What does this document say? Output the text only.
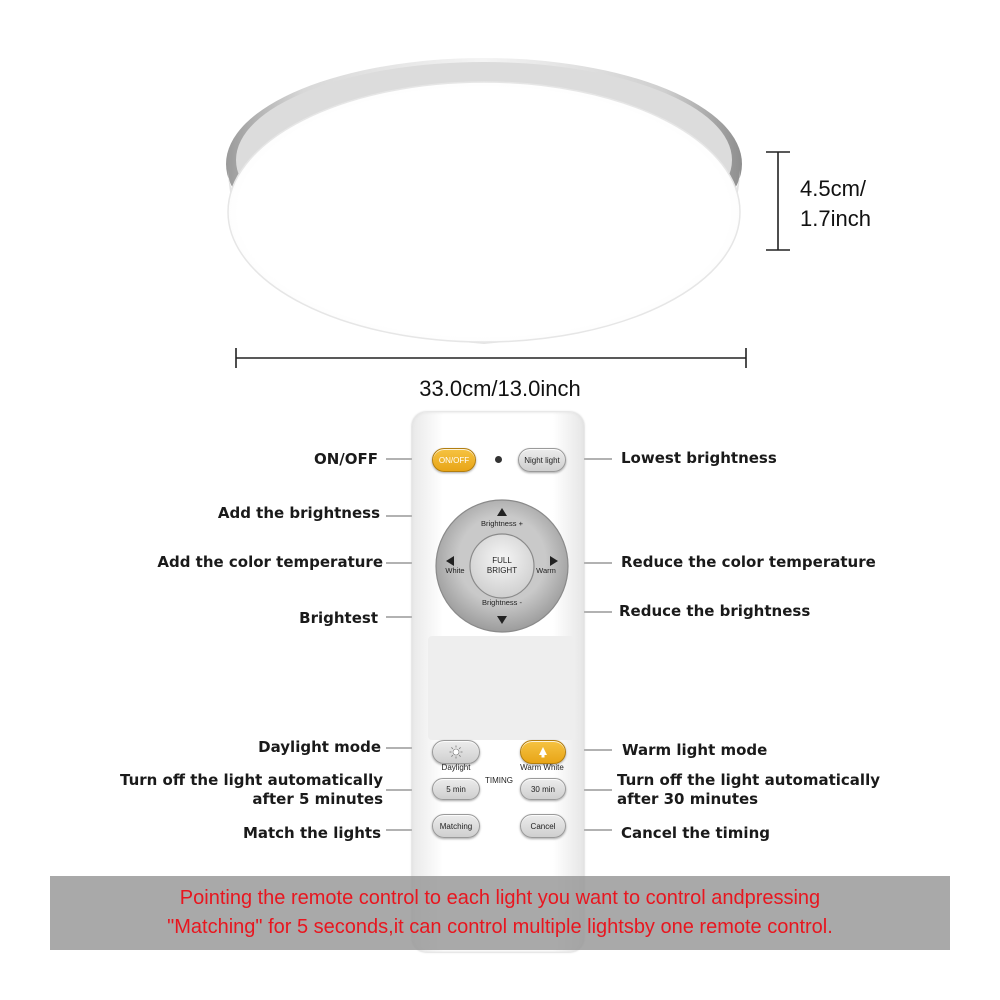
4.5cm/
1.7inch
33.0cm/13.0inch
ON/OFF	Night light
Brightness +
Brightness -
White	Warm
FULL
BRIGHT
Daylight	Warm White
TIMING
5 min	30 min
Matching	Cancel
ON/OFF
Add the brightness
Add the color temperature
Brightest
Daylight mode
Turn off the light automatically
after 5 minutes
Match the lights
Lowest brightness
Reduce the color temperature
Reduce the brightness
Warm light mode
Turn off the light automatically
after 30 minutes
Cancel the timing
Pointing the remote control to each light you want to control andpressing
"Matching" for 5 seconds,it can control multiple lightsby one remote control.
